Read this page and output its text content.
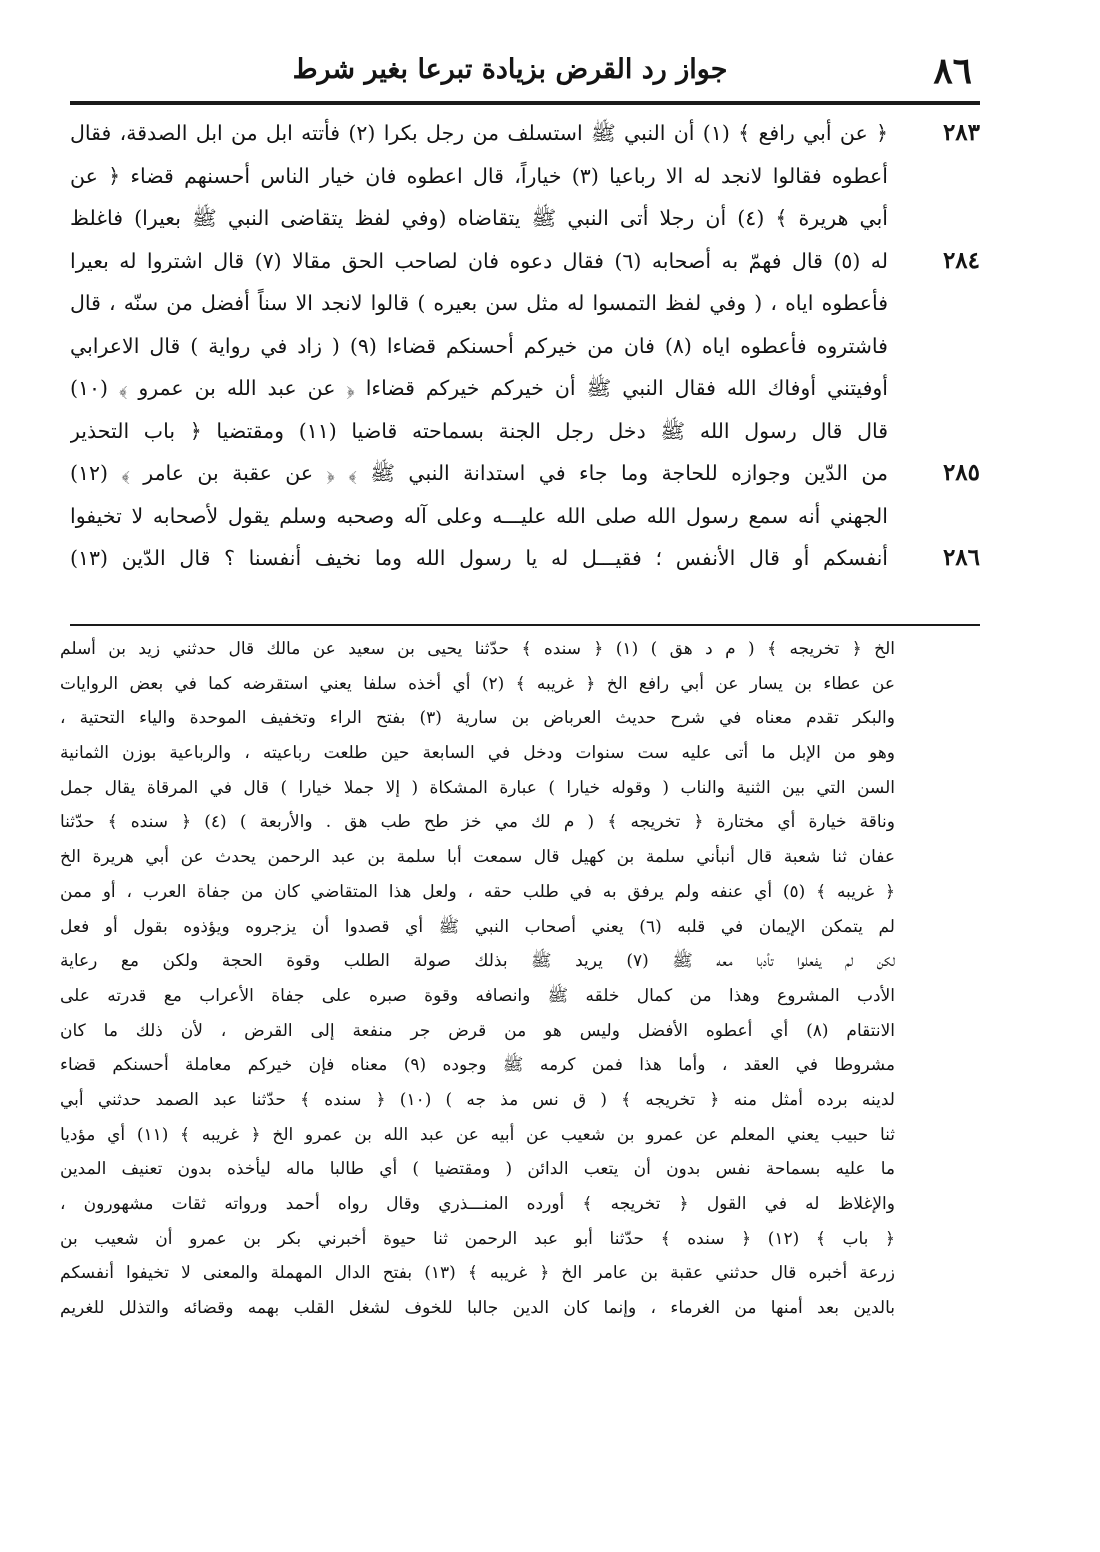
جواز رد القرض بزيادة تبرعا بغير شرط	٨٦
٢٨٣
٢٨٤
٢٨٥
٢٨٦
﴿ عن أبي رافع ﴾ (١) أن النبي ﷺ استسلف من رجل بكرا (٢) فأتته ابل من ابل الصدقة، فقال
أعطوه فقالوا لانجد له الا رباعيا (٣) خياراً، قال اعطوه فان خيار الناس أحسنهم قضاء ﴿ عن
أبي هريرة ﴾ (٤) أن رجلا أتى النبي ﷺ يتقاضاه (وفي لفظ يتقاضى النبي ﷺ بعيرا) فاغلظ
له (٥) قال فهمّ به أصحابه (٦) فقال دعوه فان لصاحب الحق مقالا (٧) قال اشتروا له بعيرا
فأعطوه اياه ، ( وفي لفظ التمسوا له مثل سن بعيره ) قالوا لانجد الا سناً أفضل من سنّه ، قال
فاشتروه فأعطوه اياه (٨) فان من خيركم أحسنكم قضاءا (٩) ( زاد في رواية ) قال الاعرابي
أوفيتني أوفاك الله فقال النبي ﷺ أن خيركم خيركم قضاءا ﴿ عن عبد الله بن عمرو ﴾ (١٠)
قال قال رسول الله ﷺ دخل رجل الجنة بسماحته قاضيا (١١) ومقتضيا ﴿ باب التحذير
من الدّين وجوازه للحاجة وما جاء في استدانة النبي ﷺ ﴾ ﴿ عن عقبة بن عامر ﴾ (١٢)
الجهني أنه سمع رسول الله صلى الله عليـــه وعلى آله وصحبه وسلم يقول لأصحابه لا تخيفوا
أنفسكم أو قال الأنفس ؛ فقيـــل له يا رسول الله وما نخيف أنفسنا ؟ قال الدّين (١٣)
الخ ﴿ تخريجه ﴾ ( م د هق ) (١) ﴿ سنده ﴾ حدّثنا يحيى بن سعيد عن مالك قال حدثني زيد بن أسلم
عن عطاء بن يسار عن أبي رافع الخ ﴿ غريبه ﴾ (٢) أي أخذه سلفا يعني استقرضه كما في بعض الروايات
والبكر تقدم معناه في شرح حديث العرباض بن سارية (٣) بفتح الراء وتخفيف الموحدة والياء التحتية ،
وهو من الإبل ما أتى عليه ست سنوات ودخل في السابعة حين طلعت رباعيته ، والرباعية بوزن الثمانية
السن التي بين الثنية والناب ( وقوله خيارا ) عبارة المشكاة ( إلا جملا خيارا ) قال في المرقاة يقال جمل
وناقة خيارة أي مختارة ﴿ تخريجه ﴾ ( م لك مي خز طح طب هق . والأربعة ) (٤) ﴿ سنده ﴾ حدّثنا
عفان ثنا شعبة قال أنبأني سلمة بن كهيل قال سمعت أبا سلمة بن عبد الرحمن يحدث عن أبي هريرة الخ
﴿ غريبه ﴾ (٥) أي عنفه ولم يرفق به في طلب حقه ، ولعل هذا المتقاضي كان من جفاة العرب ، أو ممن
لم يتمكن الإيمان في قلبه (٦) يعني أصحاب النبي ﷺ أي قصدوا أن يزجروه ويؤذوه بقول أو فعل
لكن لم يفعلوا تأدبا معه ﷺ (٧) يريد ﷺ بذلك صولة الطلب وقوة الحجة ولكن مع رعاية
الأدب المشروع وهذا من كمال خلقه ﷺ وانصافه وقوة صبره على جفاة الأعراب مع قدرته على
الانتقام (٨) أي أعطوه الأفضل وليس هو من قرض جر منفعة إلى القرض ، لأن ذلك ما كان
مشروطا في العقد ، وأما هذا فمن كرمه ﷺ وجوده (٩) معناه فإن خيركم معاملة أحسنكم قضاء
لدينه برده أمثل منه ﴿ تخريجه ﴾ ( ق نس مذ جه ) (١٠) ﴿ سنده ﴾ حدّثنا عبد الصمد حدثني أبي
ثنا حبيب يعني المعلم عن عمرو بن شعيب عن أبيه عن عبد الله بن عمرو الخ ﴿ غريبه ﴾ (١١) أي مؤديا
ما عليه بسماحة نفس بدون أن يتعب الدائن ( ومقتضيا ) أي طالبا ماله ليأخذه بدون تعنيف المدين
والإغلاظ له في القول ﴿ تخريجه ﴾ أورده المنـــذري وقال رواه أحمد ورواته ثقات مشهورون ،
﴿ باب ﴾ (١٢) ﴿ سنده ﴾ حدّثنا أبو عبد الرحمن ثنا حيوة أخبرني بكر بن عمرو أن شعيب بن
زرعة أخبره قال حدثني عقبة بن عامر الخ ﴿ غريبه ﴾ (١٣) بفتح الدال المهملة والمعنى لا تخيفوا أنفسكم
بالدين بعد أمنها من الغرماء ، وإنما كان الدين جالبا للخوف لشغل القلب بهمه وقضائه والتذلل للغريم
